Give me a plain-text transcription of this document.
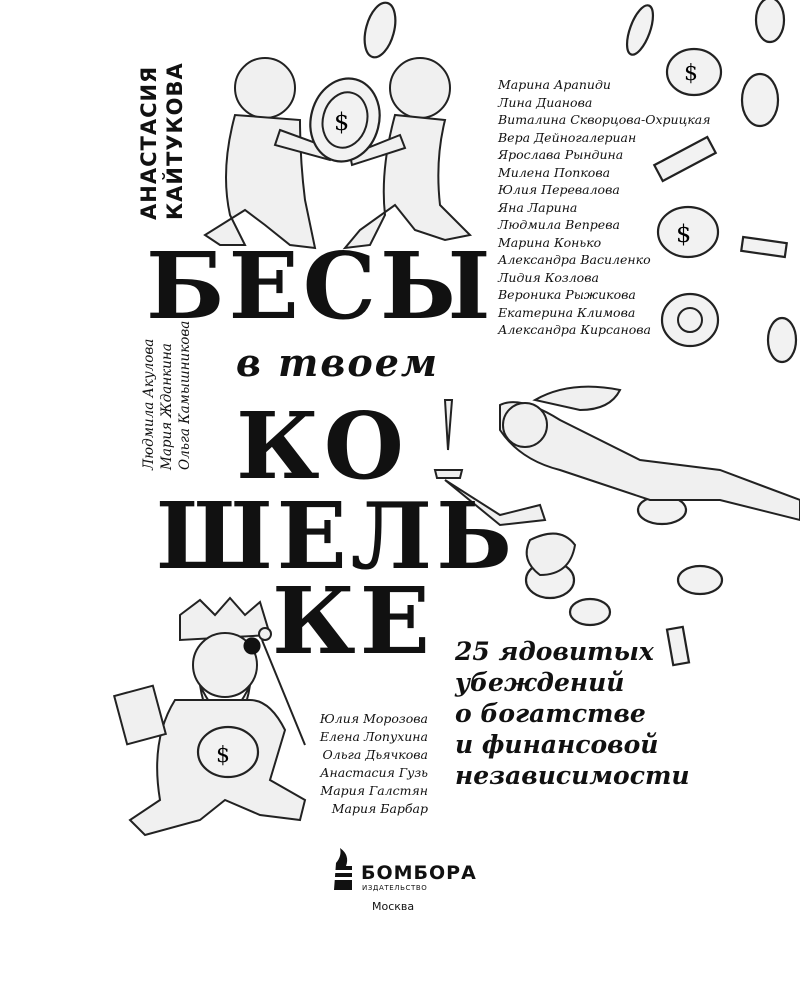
$
$
$
$
АНАСТАСИЯ КАЙТУКОВА
Людмила Акулова Мария Жданкина Ольга Камышникова
БЕСЫ
в твоем
КО
ШЕЛЬ
.КЕ
Марина Арапиди
Лина Дианова
Виталина Скворцова-Охрицкая
Вера Дейногалериан
Ярослава Рындина
Милена Попкова
Юлия Перевалова
Яна Ларина
Людмила Вепрева
Марина Конько
Александра Василенко
Лидия Козлова
Вероника Рыжикова
Екатерина Климова
Александра Кирсанова
Юлия Морозова
Елена Лопухина
Ольга Дьячкова
Анастасия Гузь
Мария Галстян
Мария Барбар
25 ядовитых
убеждений
о богатстве
и финансовой
независимости
БОМБОРА
ИЗДАТЕЛЬСТВО
Москва
